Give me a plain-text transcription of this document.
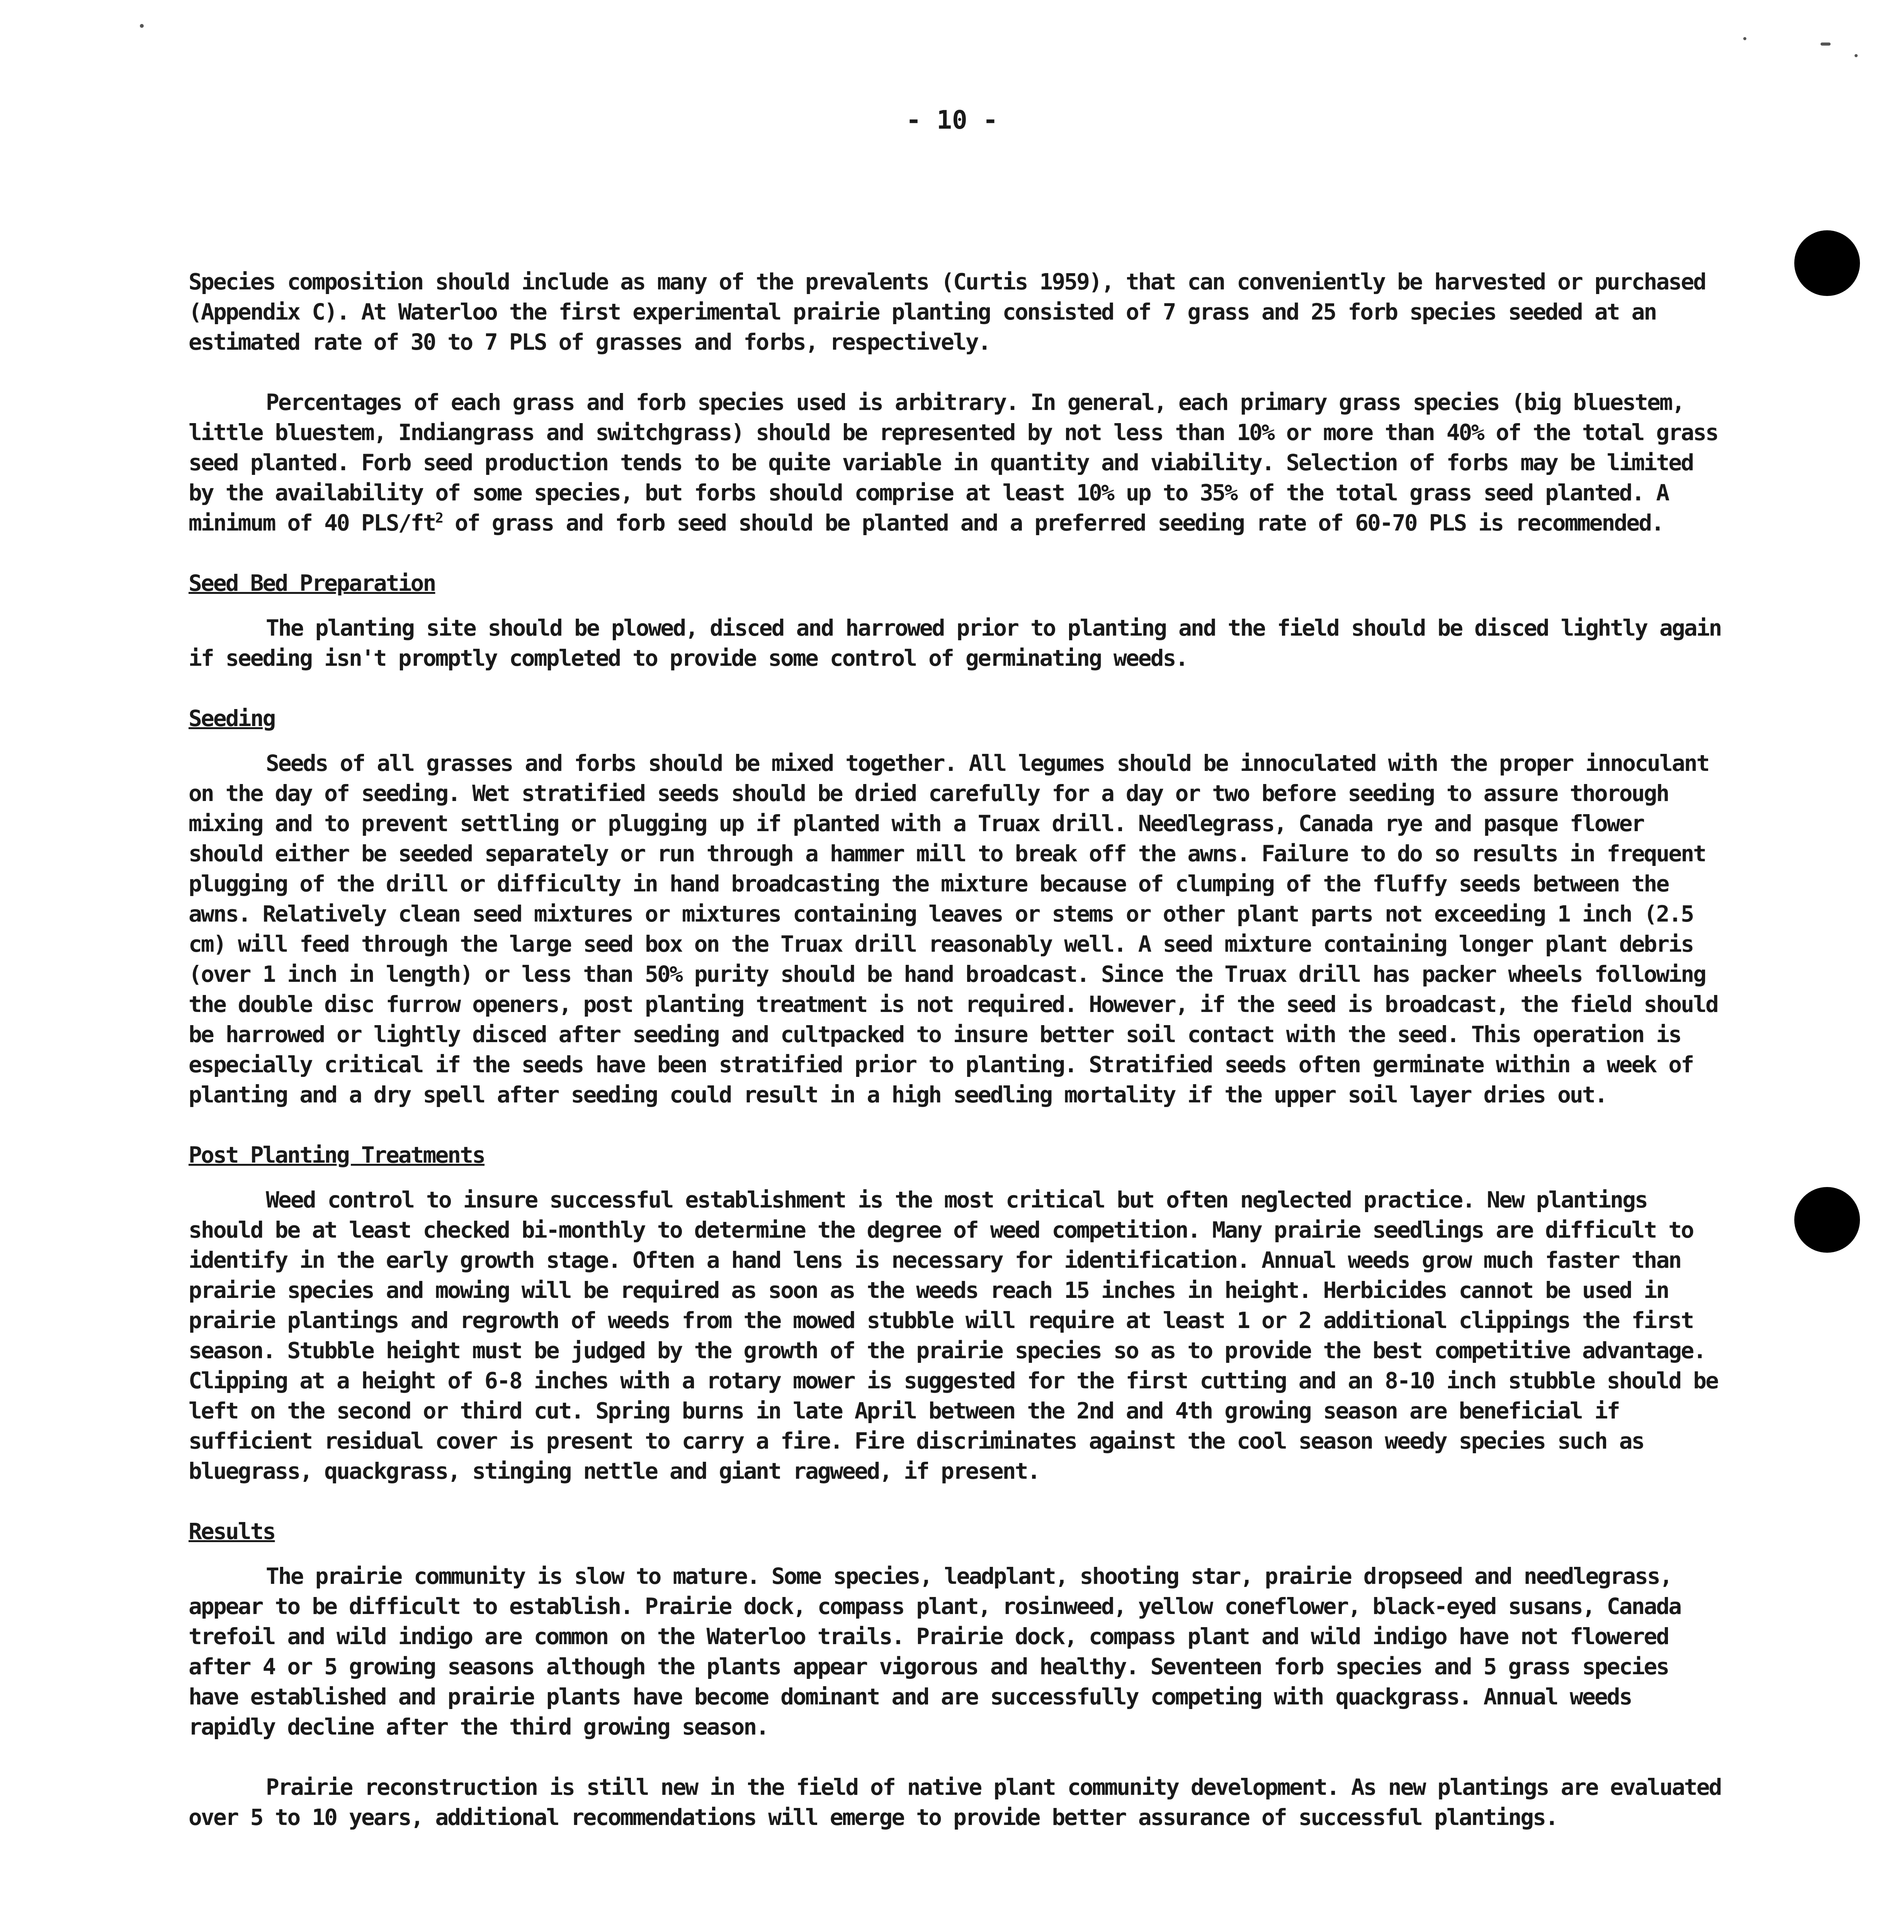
- 10 -

Species composition should include as many of the prevalents (Curtis 1959), that can conveniently be harvested or purchased (Appendix C). At Waterloo the first experimental prairie planting consisted of 7 grass and 25 forb species seeded at an estimated rate of 30 to 7 PLS of grasses and forbs, respectively.

Percentages of each grass and forb species used is arbitrary. In general, each primary grass species (big bluestem, little bluestem, Indiangrass and switchgrass) should be represented by not less than 10% or more than 40% of the total grass seed planted. Forb seed production tends to be quite variable in quantity and viability. Selection of forbs may be limited by the availability of some species, but forbs should comprise at least 10% up to 35% of the total grass seed planted. A minimum of 40 PLS/$ft^2$ of grass and forb seed should be planted and a preferred seeding rate of 60-70 PLS is recommended.

Seed Bed Preparation

The planting site should be plowed, disced and harrowed prior to planting and the field should be disced lightly again if seeding isn't promptly completed to provide some control of germinating weeds.

Seeding

Seeds of all grasses and forbs should be mixed together. All legumes should be innoculated with the proper innoculant on the day of seeding. Wet stratified seeds should be dried carefully for a day or two before seeding to assure thorough mixing and to prevent settling or plugging up if planted with a Truax drill. Needlegrass, Canada rye and pasque flower should either be seeded separately or run through a hammer mill to break off the awns. Failure to do so results in frequent plugging of the drill or difficulty in hand broadcasting the mixture because of clumping of the fluffy seeds between the awns. Relatively clean seed mixtures or mixtures containing leaves or stems or other plant parts not exceeding 1 inch (2.5 cm) will feed through the large seed box on the Truax drill reasonably well. A seed mixture containing longer plant debris (over 1 inch in length) or less than 50% purity should be hand broadcast. Since the Truax drill has packer wheels following the double disc furrow openers, post planting treatment is not required. However, if the seed is broadcast, the field should be harrowed or lightly disced after seeding and cultpacked to insure better soil contact with the seed. This operation is especially critical if the seeds have been stratified prior to planting. Stratified seeds often germinate within a week of planting and a dry spell after seeding could result in a high seedling mortality if the upper soil layer dries out.

Post Planting Treatments

Weed control to insure successful establishment is the most critical but often neglected practice. New plantings should be at least checked bi-monthly to determine the degree of weed competition. Many prairie seedlings are difficult to identify in the early growth stage. Often a hand lens is necessary for identification. Annual weeds grow much faster than prairie species and mowing will be required as soon as the weeds reach 15 inches in height. Herbicides cannot be used in prairie plantings and regrowth of weeds from the mowed stubble will require at least 1 or 2 additional clippings the first season. Stubble height must be judged by the growth of the prairie species so as to provide the best competitive advantage. Clipping at a height of 6-8 inches with a rotary mower is suggested for the first cutting and an 8-10 inch stubble should be left on the second or third cut. Spring burns in late April between the 2nd and 4th growing season are beneficial if sufficient residual cover is present to carry a fire. Fire discriminates against the cool season weedy species such as bluegrass, quackgrass, stinging nettle and giant ragweed, if present.

Results

The prairie community is slow to mature. Some species, leadplant, shooting star, prairie dropseed and needlegrass, appear to be difficult to establish. Prairie dock, compass plant, rosinweed, yellow coneflower, black-eyed susans, Canada trefoil and wild indigo are common on the Waterloo trails. Prairie dock, compass plant and wild indigo have not flowered after 4 or 5 growing seasons although the plants appear vigorous and healthy. Seventeen forb species and 5 grass species have established and prairie plants have become dominant and are successfully competing with quackgrass. Annual weeds rapidly decline after the third growing season.

Prairie reconstruction is still new in the field of native plant community development. As new plantings are evaluated over 5 to 10 years, additional recommendations will emerge to provide better assurance of successful plantings.
